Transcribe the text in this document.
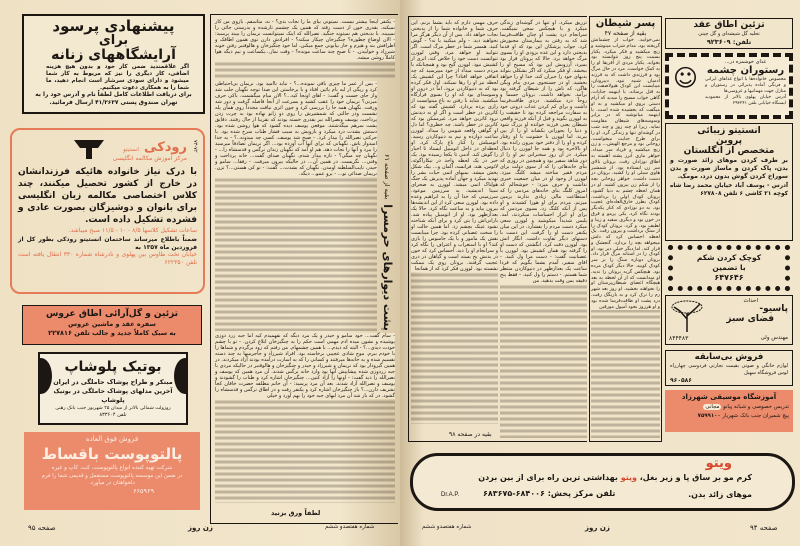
پیشنهادی پرسود
برای
آرایشگاههای زنانه
اگر علاقمندید ضمن کار خود و بدون هیچ هزینه اضافی، کار دیگری را نیز که مربوط به کار شما میشود و دارای سودی سرشار است انجام دهید، ما شما را به همکاری دعوت میکنیم.
برای دریافت اطلاعات کامل لطفاً نام و آدرس خود را به تهران صندوق پستی ۴۱/۳۶۳۷ ارسال فرمائید.
۷۳-۷۲
رودکی انستیتو
مرکز آموزش مکالمه انگلیسی
با درک نیاز خانواده هائیکه فرزندانشان در خارج از کشور تحصیل میکنند، چند کلاس اختصاصی مکالمه زبان انگلیسی برای بانوان و دوشیزگان بصورت عادی و فشرده تشکیل داده است.
ساعات تشکیل کلاسها ۸/۵ - ۱۰ - ۱۱/۵ صبح میباشد.
ضمناً باطلاع میرساند ساختمان انستیتو رودکی بطور کل از فروردین ماه ۱۳۵۷ به
خیابان تخت طاوس بین پهلوی و نادرشاه شماره ۳۳۰ انتقال یافته است تلفن ۶۲۲۳۵۰
تزئین و گل‌آرائی اطاق عروس
سفره عقد و ماشین عروس
به سبک کاملاً جدید و جالب تلفن ۲۲۷۸۱۶
بوتیک پلوشاپ
مبتکر و طراح پوشاک حاملگی در ایران
آخرین مدلهای پوشاک حاملگی در بوتیک پلوشاپ
روزولت شمالی بالاتر از میدان ۲۵ شهریور جنب بانک رهنی
تلفن ۸۳۳۶۰۴
فروش فوق العاده
پالتوپوست باقساط
شرکت تهیه کننده انواع پالتوپوست، کت، کاپ و غیره
در ضمن این موسسه پالتوپوست مستعمل و قدیمی شما را فرم دلخواهتان در میآورد.
۶۶۵۹۶۹

- یکنفر اینجا بیشتر نیست. نمیتونی بیای ما را نجات بدی؟ - نه، متاسفم. بازوی من کار نمیکنه. بقدری خون از دست رفته که همین یک چشمم تارشده و بدرستی جائی را نمیبینه. با بدبختی هم نمیتونه جنگید. نصرالله که اینک نمیتوانست نریمان را ببیند پرسید: - الان اوضاع چطوره؟ چنگیزخان چیکار میکنه؟ - افرادش دارن توی همون اطاقک و اطرافش بنه و هیزم و خار بیابونی جمع میکنن، اما خود چنگیزخان و هالوقنبر رفتن خونه شیرزاد و خوابیدن. - تا صبح چند ساعت مونده؟ - وقت نماز...یکساعت و نیم دیگه هوا کاملاً روشن میشه.

- پس از عمر ما چیزی باقی نمونده...؟ - نباید ناامید بود. نریمان بی‌احتیاطی کرد و ریگی از لبه بام پائین افتاد و با برخاستن این صدا توجه نگهبان جلب شد واز جای جست و گفت: - اهای اونجا کیه...؟ الان میام میگشمت. باکی حرف میزنی؟ نریمان خود را عقب کشید و بسرعت از آنجا فاصله گرفت و دور شد ورفت. نگهبان همه جا را بررسی کرد و چون اثری نیافت مجدداً روی همان پله نشست ودر حالتی که شمشیرش را روی دو زانو نهاده بود به چرت زدن پرداخت. یوسف ونصرالله نیز بقدری خسته بودند که تقریبا از حال رفتند. دقایق پشت سرهم میگذشتند. موقعی یوسف دیده گشود که هوا روشن شده بود. دستش بشدت درد میکرد و بازویش به سبب فشار طناب سرخ شده بود. با حرکتی نصرالله را بیدار کرد. - صبح شد یوسف. کسی چه میدونه..؟ - به خدا امیدوار باش. نگهبانی که برای آنها آب آورده بود... اگر نریمان تصادفاً میرسید را ببرد و آنها را نجات دهد. هم او آمد که نگهبان زندان نرگس و قدسشاه را... - نگهبان چه میگی؟ - تازه بیدار شدم. نگهبان صدای گفت... خانه پرداخت و وقتی... نگریست. در همین آن... در حالیکه بیرون میرفت. - رفقا... سامو و حیدر، نایب‌السلطنه اومدن. نگهبان که بشدت... گفت: - تو کی هستی...؟ تزن. نریمان صدائی تو... - برو عمو... دیگه.

پشت دیوارهای حرمسرا بقیه از صفحه ۶۱

- سام گفت... خود سامو و حیدر و یک مرد دیگه که نفهمیدم کیه اما جبه زرد دوزی پوشیده و نشون میده ادم مهمی است حکم را به چنگیزخان ابلاغ کردن. - تو با چشم خودت دیدی...؟ - البته که دیدم... با همین چشمهام. من رفتم که زود برگردم و شماها را با خودم ببرم. موج شادی عجیبی برخاسته بود. افراد شیرزاد و جاجرمیها به چند دسته تقسیم شده و به خانه‌ها میرفتند و کسانی را که به اسارت درآمده بودند آزاد میکردند. در همین گیرودار بود که نریمان و شیرزاد و حیدر و چنگیزخان و هالوقنبر در حالیکه مردی با جبه زردوزی شده پیشاپیش آنها بود وارد خانه نرگس شدند. آن مرد همین که یوسف و نصرالله را دید گفت: - اونها را آزاد کنین... چنگیزخان اشاره کرد و طناب را گشودند و یوسف و نصرالله آزاد شدند. بعد آن مرد پرسید: - آن خانم مطلقه حضرت خاقان کجا تشریف دارن...؟ باز چنگیزخان اشاره کرد و یکنفر رفت و در اطاق نرگس و قدسشاه را گشود. در که باز شد آن مرد لبهای جبه خود را بهم آورد و خیلی

لطفاً ورق بزنید
صفحه ۹۵	زن روز	شماره هفتصدو ششم

حرف مهمی دارم که باید بشما بزنم. این حرف شما و خانواده شما را از بدبختی نجات خواهد داد. پس از آن دیگر هرگز مرا نخواهید دید. - ولم میکنید یا نه؟ - گوش کنید. همسر شما در خطر مرگ است. اگر نتوانید او خواهد مرد. وقتی لوورن نتوانست دست خود را خلاص کند، اثری از کشیش نبود. لوورن گیج بود و همچنانکه با مردم دست میداد از خود میپرسید که چه اتفاقی خواهد افتاد؟ چرا این کشیش یک لحظه نیز او را رها نمیکند. اول فکر کرده بود که به دنیوکاردن برود، اما در درون او وسوسه‌ای بود که او را بسوی قرارگاه میکشید. شاید با رفتن به باغ میتوانست از رازی پرده بردارد. کشیش گفته بود که کاترین در خطر است و اگر او به دیدنش نرود کاترین خواهد مرد. غیرممکن بود که کاترین در خطر باشد. چه خطری؟ اما دل او گواهی واقعه شومی را میداد. لوورن ساعت دوازده و نیم به دنیوکاردن رسید. اتومبیلش را کنار باغ پارک کرد. او لحظه‌ای در داخل اتومبیل ایستاد تا اخبار را گوش کند. آدمی تا بکجا رسیده بود. یک خبر در یک لحظه واحد در نیکاراگوئه، لائوس، هند، فرانسه، آلمان و... بیک شکل پخش میشد. بمبهای اتمی حیات بشر را تهدید میکرد و جهان آماده پذیرش یک جنگ هولناک اتمی میشد. لوورن به صحرای سینا اندیشید، به سرزمین موعود. سرزمینی که خدا آن را به ابراهیم وعده داده بود. لوورن سعی کرد از این اندیشه‌ها بیرون بیاید و به ساعت نگاه کرد. حالا یک بعدازظهر بود. او از اتومبیل پیاده شد. بارانی‌اش را بتن کرد و برای آنکه شناخته نشود عینک بچشم زد. اما همین حالت او را سخت عصبانی کرده بود. چرا میبایست نقش یک مامور و یا یک جاسوس را بازی کند؟ او با استغراب و اعتراف را نگاه کرد و سرانجام او را دید. احساس کرد که خون در بدنش یخ بسته است و گیاهان در دری عجیب گرفتند. بروتان روی یک نیمکت نشسته بود. لوورن فکر کرد که از همانجا

تزریق میکرد. او تنها در گوشه‌ای زندگی میکرد و با هیچکس سخن نمیگفت. سرانجام درد پشت او چنان طاقت‌فرسا شد که به رفتن به بیمارستان مجبورش کرد. جواب پزشکان این بود که او قدما بدبختی دارد و این غده بزودی او را بسوی مرگ خواهد برد. حالا که پرونان قرار بود بمیرد، آرزویش این بود که مسیح او را ببخشد. او فکر میکرد که اگر بشکلی بتواند بدیهای خود را جبران کند، خدا او را خواهد بخشید. او در جستجوی مردی بنام ویگن هاگن، که ناش را از شیطان گرفته بود برآمد. نخواهد داشت. بروتان جسماً و روحاً درد میکشید. دردی طاقت‌فرسا داشت و برای کم کردن عذاب درونی خود به سفارت مراجعه کرده بود تا حقیقت را به لوورن بگوید و قبل از آنکه فرزند واقعی شیطان یعنی فرزند خوانده او بزرگ شود و دنیا را بجوراتی بکشاند او را از بین ببرند. اما لوورن با خشونت با او رفتار کرده و او را از دفتر خود بیرون رانده بود. او بالاخره بود و همه جا لوورن را دنبال میکرد. در آن روز سخنرانی نیز او را از دور شاهد سفیر بود و همچنین در روزی که بنای خانه‌هائی را که از سوی دولت برای مردم فقیر ساخته میشد کلنگ میزد. لوورن از وجود او در میان جمعیت خبری نداشت و حرف میزد: - خوشحالم که امروز کلنگ بنای خانه‌های مردمی را که استطاعت مالی زیادی ندارند بزمین میزنم. مردم برای او هورا کشیدند و او پس از آنکه کلنگ زد، بسوی مردمی که برای او ابراز احساسات میکردند، آمد. پلیس شدیداً میکوشید و لوورن سعی میکرد دست مردم را بفشارد. در این میان یکنفر دست او را گرفت. این دست با دستهای دیگر تفاوت داشت. انگار اتش بود. لوورن دقت کرد. انگشتی که دست او را گرفته بود همان کشیش بود. لوورن با عصبانیت گفت: - دست مرا ول کنید. - اقای سفیر، آمدم بشما بگویم که فردا ساعت یک بعدازظهر در دنیوکاردن منتظر شما هستم. - دستم را ول کنید. - فقط پنج دقیقه بمن وقت بدهید. من

بقیه در صفحه ۹۸
پسر شیطان
بقیه از صفحه ۴۷

نمی‌خوابید. خواب از چشمانش گریخته بود. مدام شراب مینوشید و رنج میکشید و فکر میکرد. یکبار بسمت پنج روز نتوانسته بود بخوابد. یکبار مردی از آفریقا او را به کمک خواست. مرد در حال مرگ بود و فرزندی داشت که به فرزند آدمیان شبیه نبود. دیبرونان، میبایست این کودک هیولاصفت را به قتل برساند. با اینهمه جنایات، گاهی خواب مسیح را میدید که آرام دستی بروی او میکشید و به او میگفت که بخشیده شده است. با اینهمه میانوشید که در برابر وسوسه‌های شیطان مقاومت نماید. زیرا او چند روز و چند شب در گوشه‌ای تنها و زندگی گرد. او را برای طرح جنایت میخواست. روحانی بود و مرجع الهیش... و زن رنج میکشید و فریاد سر میداد. خواهر ماری آنرز پشته آهسته به اطاق نوزادان رفت. بروتان بالای سر زن ایستاده بود. از شمشیر هاوی سیلی او را کشید. بروتان در دست داشت. خواهر روحانی بچه را از شکم زن بیرون کشید. او در همان لحظه چشم به دنیا گشود. بروتان کودک اولی را برداشت. کودک بطرز خارق‌العاده‌ای عجیب بود. به دو نوزادی که کنار یکدیگر بودند نگاه کرد. یکی پرمو و قرق در خون بود و دیگری سفید و زیبا و لطیف بود. و گرد. بروتان کودک را از سنگ برداشت و بیرون رفت. یک لحظه احساس کرد که دلش میخواهد بچه را بردارد. گنجشک و فرار کند. اما دیگر خیلی دیر بود. او کودک را در آستانه مرگ قرار داد. بروتان دوباره سنگ را بر سر کودک کوبید. حالا دیگر کودک مرده بود. هیچکس گریه بروتان را ندید. او میدانست که از آن لحظه به بعد هیچگاه اعضای شیطان‌پرستان او را نخواهند بخشید. او روز بعد شهر رم را ترک کرد و به بازیگک رفت. درد پشت او طاقت‌فرسا شده بود و او هرروز بخود آمپول مورفین

تزئین اطاق عقد
تحلیه گل شیشه‌ای و گل چینی
تلفن: ۹۲۳۶۰۹
☺
غذای خوشمزه در...
رستوران چشمه
مخصوص خانواده‌ها با انواع غذاهای ایرانی و فرنگی آماده پذیرائی در رستوران و منازل جهت مهمانیها و عروسی‌ها
آدرس خیابان پهلوی بالاتر از محمودیه ایستگاه خیابانی تلفن ۲۹۳۲۴۱
انستیتو زیبائی
پروین
متخصص از انگلستان
بر طرف کردن موهای زائد صورت و بدن، پاک کردن و ماساژ صورت و بدن سوراخ کردن گوش بدون درد، مومک.
آدرس - یوسف آباد خیابان محمد رضا شاه کوچه ۲۱ کاشی ۶ تلفن ۶۲۷۸۰۸
کوچک کردن شکم
با تضمین
۶۴۷۶۴۶
احداث
پاسیو-
فضای سبز
۸۴۴۴۸۳	مهندس ولی
فروش بی‌سابقه
لوازم خانگی و صوتی بقیمت تجارتی فردوسی چهارراه لوس فروشگاه سهیل
۹۶۰۵۸۶
آموزشگاه موسیقی شهرزاد
تدریس خصوصی و شبانه پیانو مجانی
پیچ شمیران جنب بانک شهریار ۷۵۹۹۱۰۰
ویتو
کرم مو بر ساق پا و زیر بغل، ویتو بهداشتی ترین راه برای از بین بردن
موهای زائد بدن.
تلفن مرکز پخش: ۶۸۴۰۰۶-۶۸۳۶۷۵
Dr.A.P.
شماره هفتصدو ششم	زن روز	صفحه ۹۴
